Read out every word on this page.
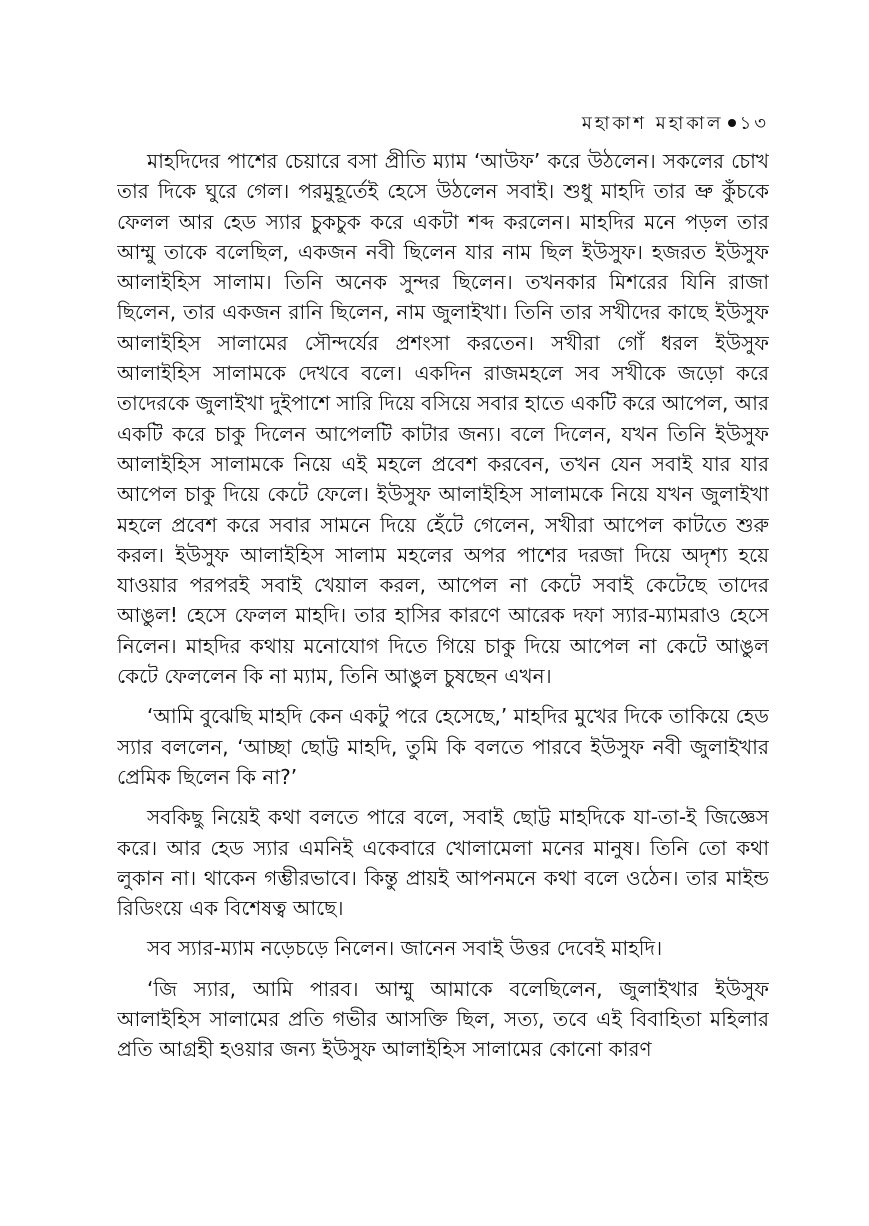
মহাকাশ মহাকাল ১৩

মাহদিদের পাশের চেয়ারে বসা প্রীতি ম্যাম ‘আউফ’ করে উঠলেন। সকলের চোখ তার দিকে ঘুরে গেল। পরমুহূর্তেই হেসে উঠলেন সবাই। শুধু মাহদি তার ভ্রু কুঁচকে ফেলল আর হেড স্যার চুকচুক করে একটা শব্দ করলেন। মাহদির মনে পড়ল তার আম্মু তাকে বলেছিল, একজন নবী ছিলেন যার নাম ছিল ইউসুফ। হজরত ইউসুফ আলাইহিস সালাম। তিনি অনেক সুন্দর ছিলেন। তখনকার মিশরের যিনি রাজা ছিলেন, তার একজন রানি ছিলেন, নাম জুলাইখা। তিনি তার সখীদের কাছে ইউসুফ আলাইহিস সালামের সৌন্দর্যের প্রশংসা করতেন। সখীরা গোঁ ধরল ইউসুফ আলাইহিস সালামকে দেখবে বলে। একদিন রাজমহলে সব সখীকে জড়ো করে তাদেরকে জুলাইখা দুইপাশে সারি দিয়ে বসিয়ে সবার হাতে একটি করে আপেল, আর একটি করে চাকু দিলেন আপেলটি কাটার জন্য। বলে দিলেন, যখন তিনি ইউসুফ আলাইহিস সালামকে নিয়ে এই মহলে প্রবেশ করবেন, তখন যেন সবাই যার যার আপেল চাকু দিয়ে কেটে ফেলে। ইউসুফ আলাইহিস সালামকে নিয়ে যখন জুলাইখা মহলে প্রবেশ করে সবার সামনে দিয়ে হেঁটে গেলেন, সখীরা আপেল কাটতে শুরু করল। ইউসুফ আলাইহিস সালাম মহলের অপর পাশের দরজা দিয়ে অদৃশ্য হয়ে যাওয়ার পরপরই সবাই খেয়াল করল, আপেল না কেটে সবাই কেটেছে তাদের আঙুল! হেসে ফেলল মাহদি। তার হাসির কারণে আরেক দফা স্যার-ম্যামরাও হেসে নিলেন। মাহদির কথায় মনোযোগ দিতে গিয়ে চাকু দিয়ে আপেল না কেটে আঙুল কেটে ফেললেন কি না ম্যাম, তিনি আঙুল চুষছেন এখন।

‘আমি বুঝেছি মাহদি কেন একটু পরে হেসেছে,’ মাহদির মুখের দিকে তাকিয়ে হেড স্যার বললেন, ‘আচ্ছা ছোট্ট মাহদি, তুমি কি বলতে পারবে ইউসুফ নবী জুলাইখার প্রেমিক ছিলেন কি না?’

সবকিছু নিয়েই কথা বলতে পারে বলে, সবাই ছোট্ট মাহদিকে যা-তা-ই জিজ্ঞেস করে। আর হেড স্যার এমনিই একেবারে খোলামেলা মনের মানুষ। তিনি তো কথা লুকান না। থাকেন গম্ভীরভাবে। কিন্তু প্রায়ই আপনমনে কথা বলে ওঠেন। তার মাইন্ড রিডিংয়ে এক বিশেষত্ব আছে।

সব স্যার-ম্যাম নড়েচড়ে নিলেন। জানেন সবাই উত্তর দেবেই মাহদি।

‘জি স্যার, আমি পারব। আম্মু আমাকে বলেছিলেন, জুলাইখার ইউসুফ আলাইহিস সালামের প্রতি গভীর আসক্তি ছিল, সত্য, তবে এই বিবাহিতা মহিলার প্রতি আগ্রহী হওয়ার জন্য ইউসুফ আলাইহিস সালামের কোনো কারণ
